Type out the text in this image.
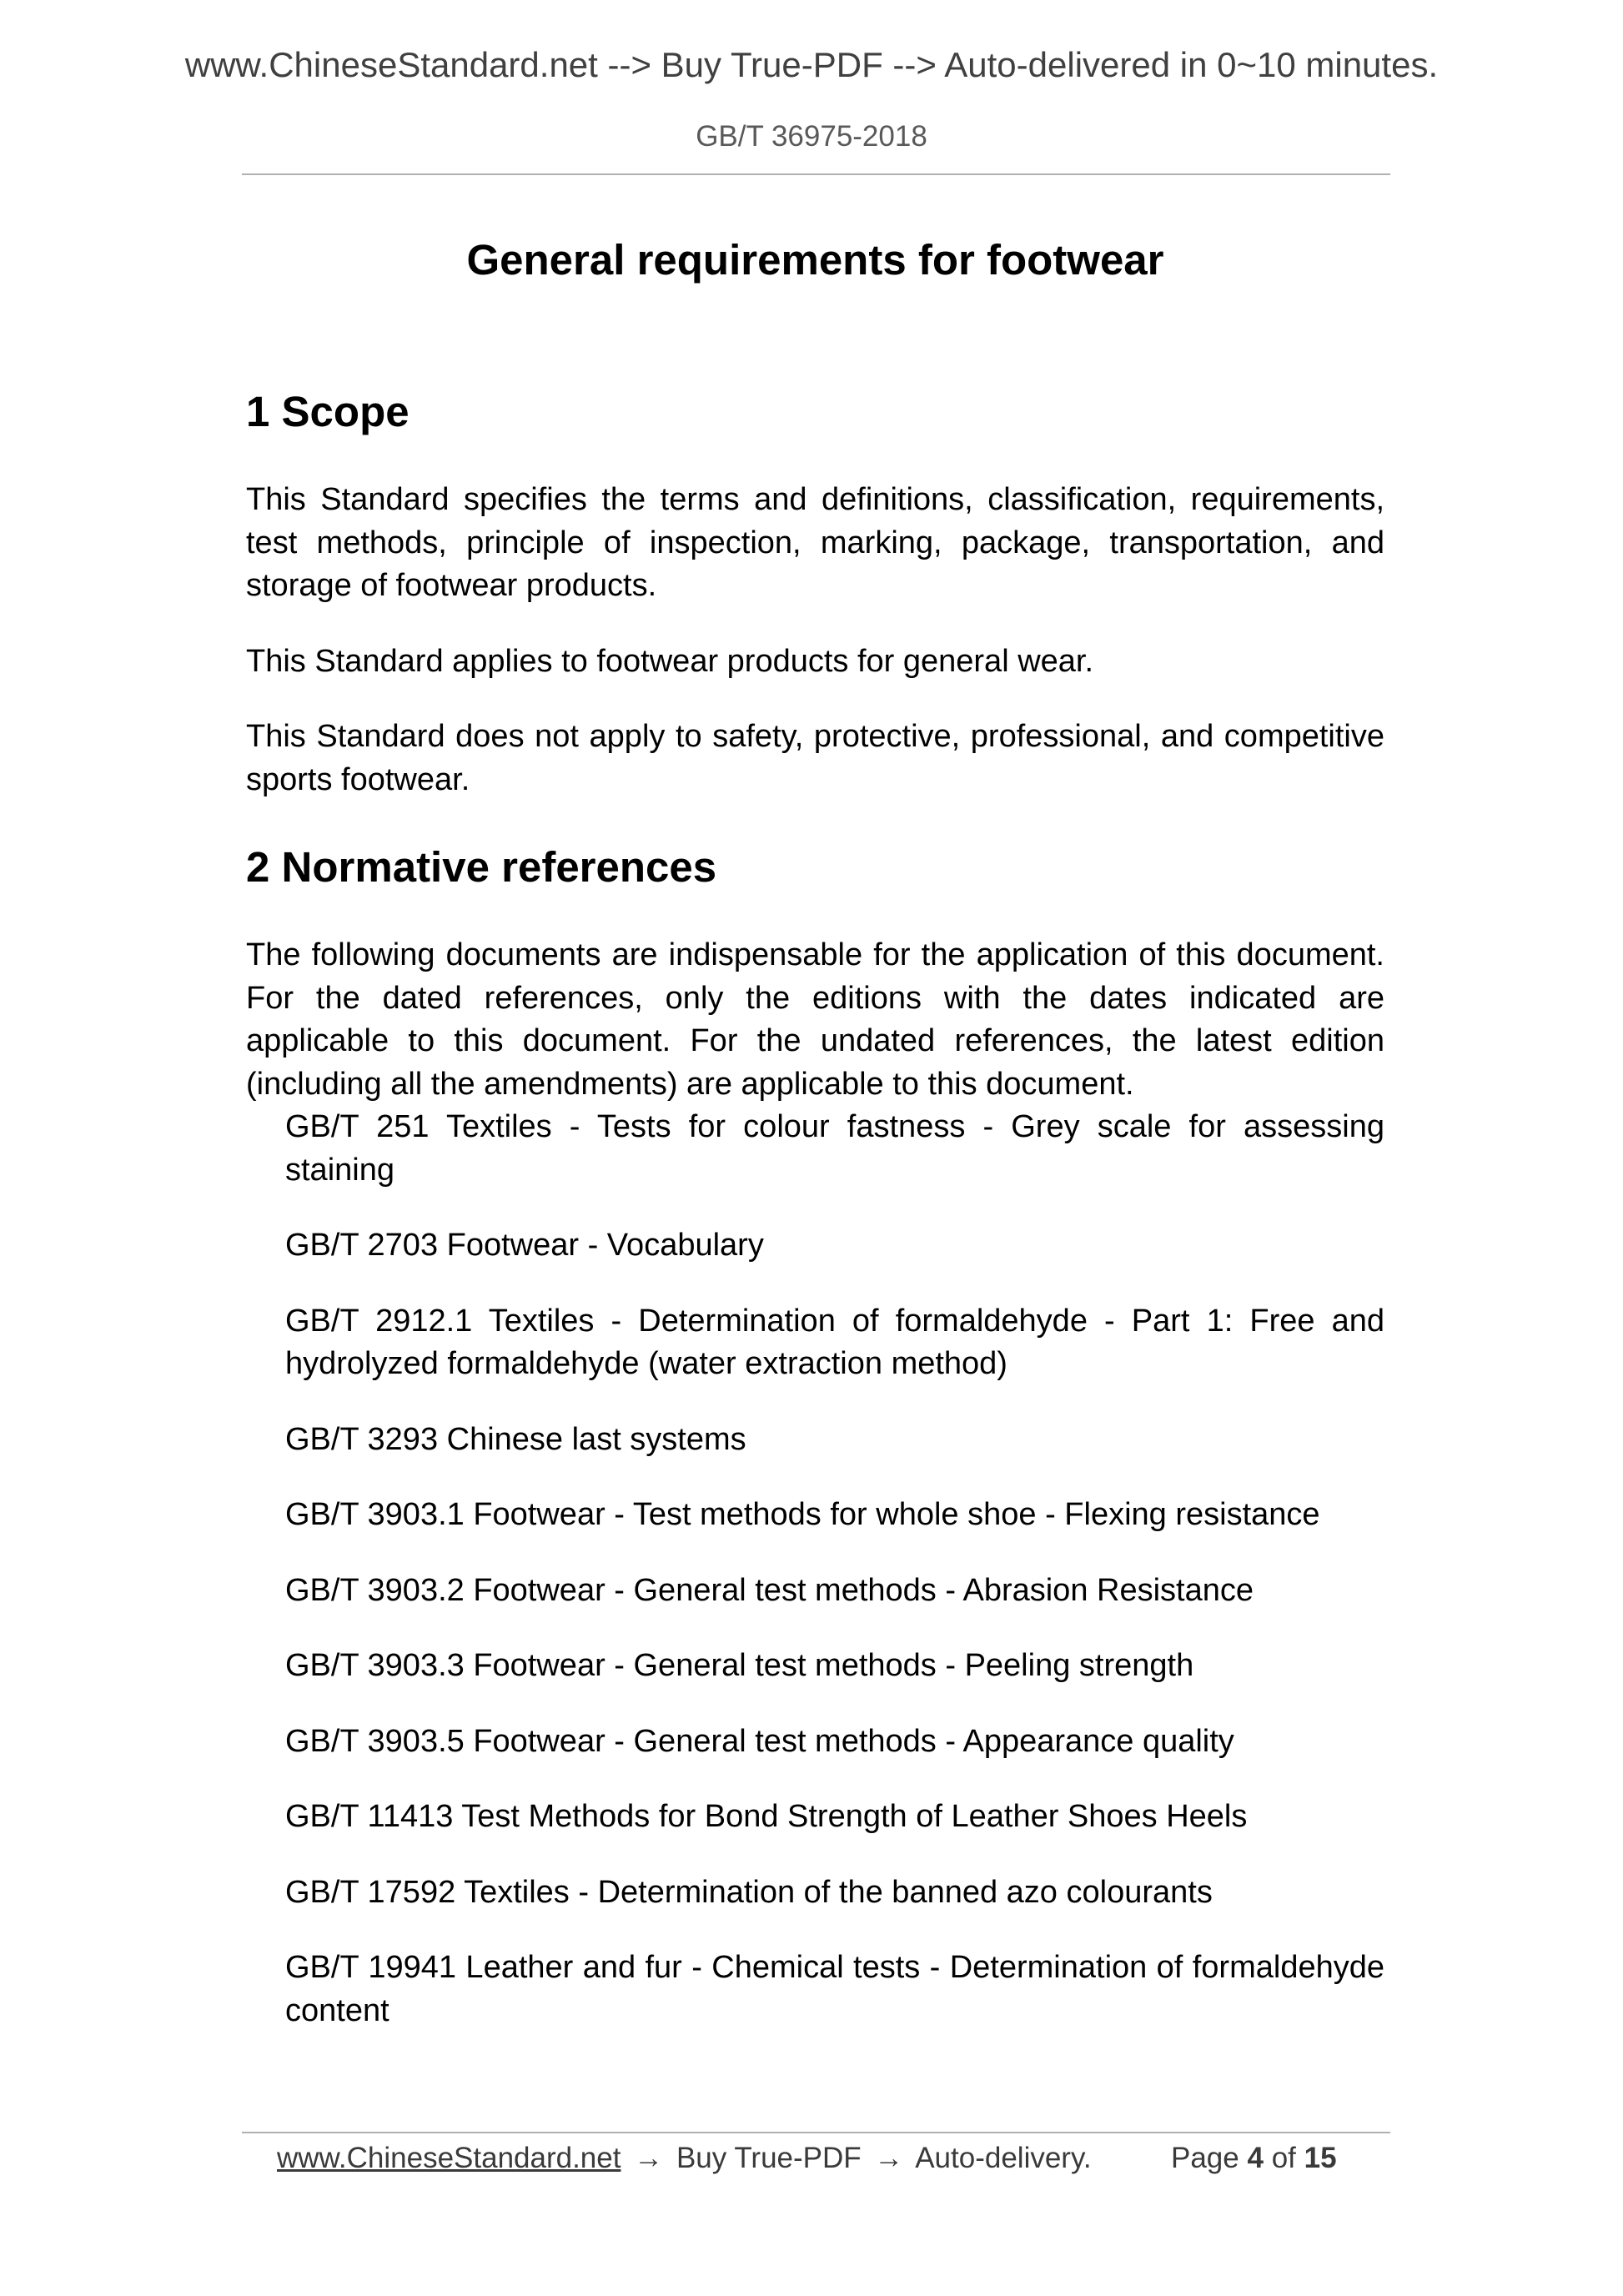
www.ChineseStandard.net --> Buy True-PDF --> Auto-delivered in 0~10 minutes.
GB/T 36975-2018
General requirements for footwear
1 Scope

This Standard specifies the terms and definitions, classification, requirements, test methods, principle of inspection, marking, package, transportation, and storage of footwear products.

This Standard applies to footwear products for general wear.

This Standard does not apply to safety, protective, professional, and competitive sports footwear.

2 Normative references

The following documents are indispensable for the application of this document. For the dated references, only the editions with the dates indicated are applicable to this document. For the undated references, the latest edition (including all the amendments) are applicable to this document.

GB/T 251 Textiles - Tests for colour fastness - Grey scale for assessing staining
GB/T 2703 Footwear - Vocabulary
GB/T 2912.1 Textiles - Determination of formaldehyde - Part 1: Free and hydrolyzed formaldehyde (water extraction method)
GB/T 3293 Chinese last systems
GB/T 3903.1 Footwear - Test methods for whole shoe - Flexing resistance
GB/T 3903.2 Footwear - General test methods - Abrasion Resistance
GB/T 3903.3 Footwear - General test methods - Peeling strength
GB/T 3903.5 Footwear - General test methods - Appearance quality
GB/T 11413 Test Methods for Bond Strength of Leather Shoes Heels
GB/T 17592 Textiles - Determination of the banned azo colourants
GB/T 19941 Leather and fur - Chemical tests - Determination of formaldehyde content
www.ChineseStandard.net → Buy True-PDF → Auto-delivery.	Page 4 of 15
